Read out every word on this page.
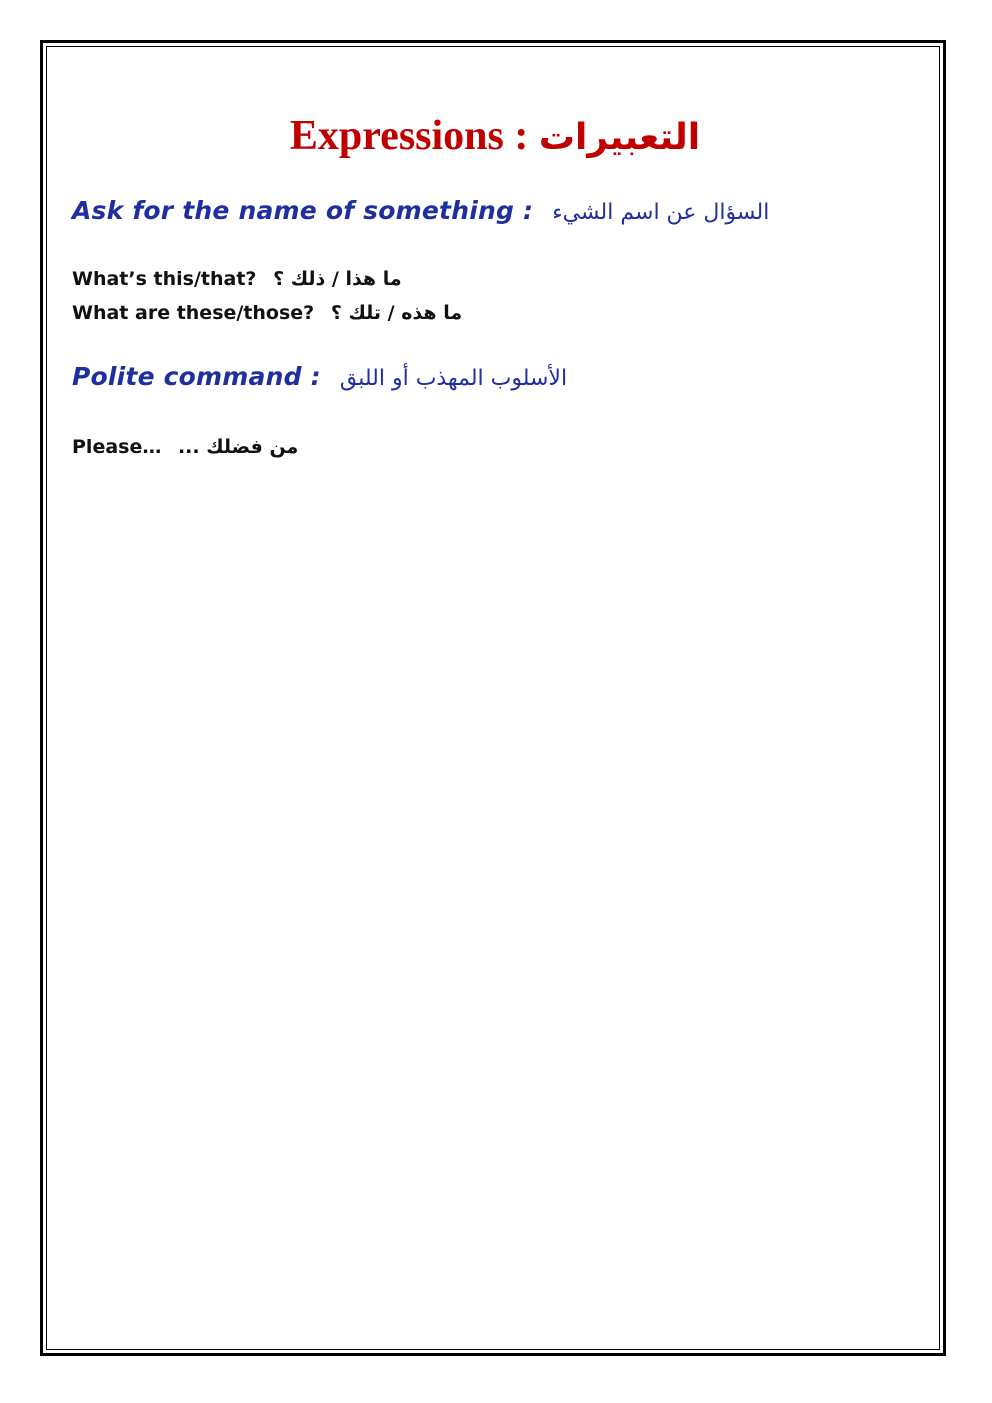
Expressions : التعبيرات
Ask for the name of something : السؤال عن اسم الشيء
What’s this/that? ما هذا / ذلك ؟
What are these/those? ما هذه / تلك ؟
Polite command : الأسلوب المهذب أو اللبق
Please… من فضلك ...
